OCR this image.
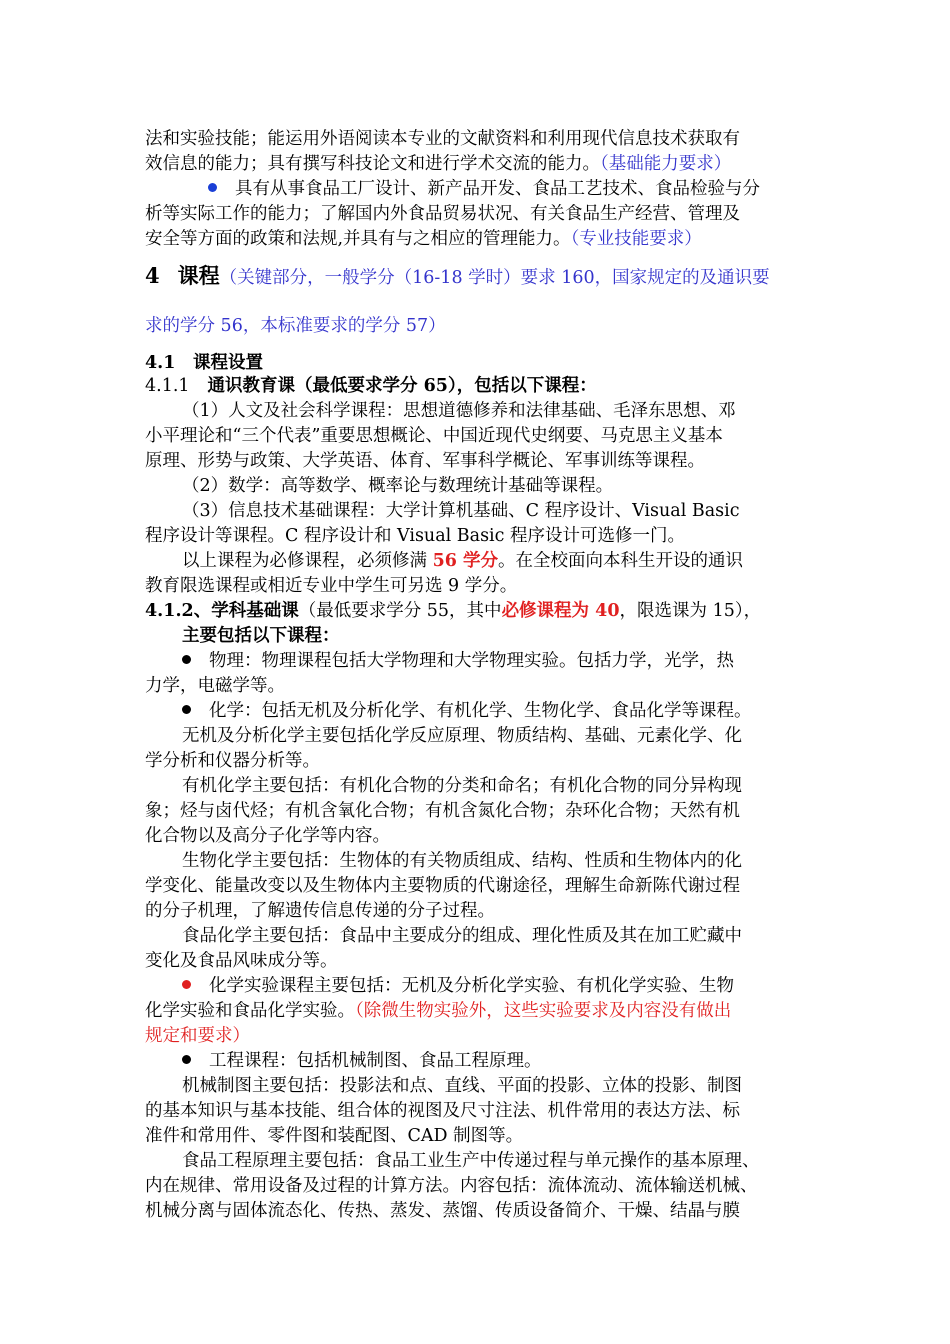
法和实验技能；能运用外语阅读本专业的文献资料和利用现代信息技术获取有
效信息的能力；具有撰写科技论文和进行学术交流的能力。（基础能力要求）
具有从事食品工厂设计、新产品开发、食品工艺技术、食品检验与分
析等实际工作的能力；了解国内外食品贸易状况、有关食品生产经营、管理及
安全等方面的政策和法规,并具有与之相应的管理能力。（专业技能要求）
4 课程（关键部分，一般学分（16-18 学时）要求 160，国家规定的及通识要
求的学分 56，本标准要求的学分 57）
4.1　课程设置
4.1.1 通识教育课（最低要求学分 65），包括以下课程：
（1）人文及社会科学课程：思想道德修养和法律基础、毛泽东思想、邓
小平理论和“三个代表”重要思想概论、中国近现代史纲要、马克思主义基本
原理、形势与政策、大学英语、体育、军事科学概论、军事训练等课程。
（2）数学：高等数学、概率论与数理统计基础等课程。
（3）信息技术基础课程：大学计算机基础、C 程序设计、Visual Basic
程序设计等课程。C 程序设计和 Visual Basic 程序设计可选修一门。
以上课程为必修课程，必须修满 56 学分。在全校面向本科生开设的通识
教育限选课程或相近专业中学生可另选 9 学分。
4.1.2、学科基础课（最低要求学分 55，其中必修课程为 40，限选课为 15），
主要包括以下课程：
物理：物理课程包括大学物理和大学物理实验。包括力学，光学，热
力学，电磁学等。
化学：包括无机及分析化学、有机化学、生物化学、食品化学等课程。
无机及分析化学主要包括化学反应原理、物质结构、基础、元素化学、化
学分析和仪器分析等。
有机化学主要包括：有机化合物的分类和命名；有机化合物的同分异构现
象；烃与卤代烃；有机含氧化合物；有机含氮化合物；杂环化合物；天然有机
化合物以及高分子化学等内容。
生物化学主要包括：生物体的有关物质组成、结构、性质和生物体内的化
学变化、能量改变以及生物体内主要物质的代谢途径，理解生命新陈代谢过程
的分子机理，了解遗传信息传递的分子过程。
食品化学主要包括：食品中主要成分的组成、理化性质及其在加工贮藏中
变化及食品风味成分等。
化学实验课程主要包括：无机及分析化学实验、有机化学实验、生物
化学实验和食品化学实验。（除微生物实验外，这些实验要求及内容没有做出
规定和要求）
工程课程：包括机械制图、食品工程原理。
机械制图主要包括：投影法和点、直线、平面的投影、立体的投影、制图
的基本知识与基本技能、组合体的视图及尺寸注法、机件常用的表达方法、标
准件和常用件、零件图和装配图、CAD 制图等。
食品工程原理主要包括：食品工业生产中传递过程与单元操作的基本原理、
内在规律、常用设备及过程的计算方法。内容包括：流体流动、流体输送机械、
机械分离与固体流态化、传热、蒸发、蒸馏、传质设备简介、干燥、结晶与膜
